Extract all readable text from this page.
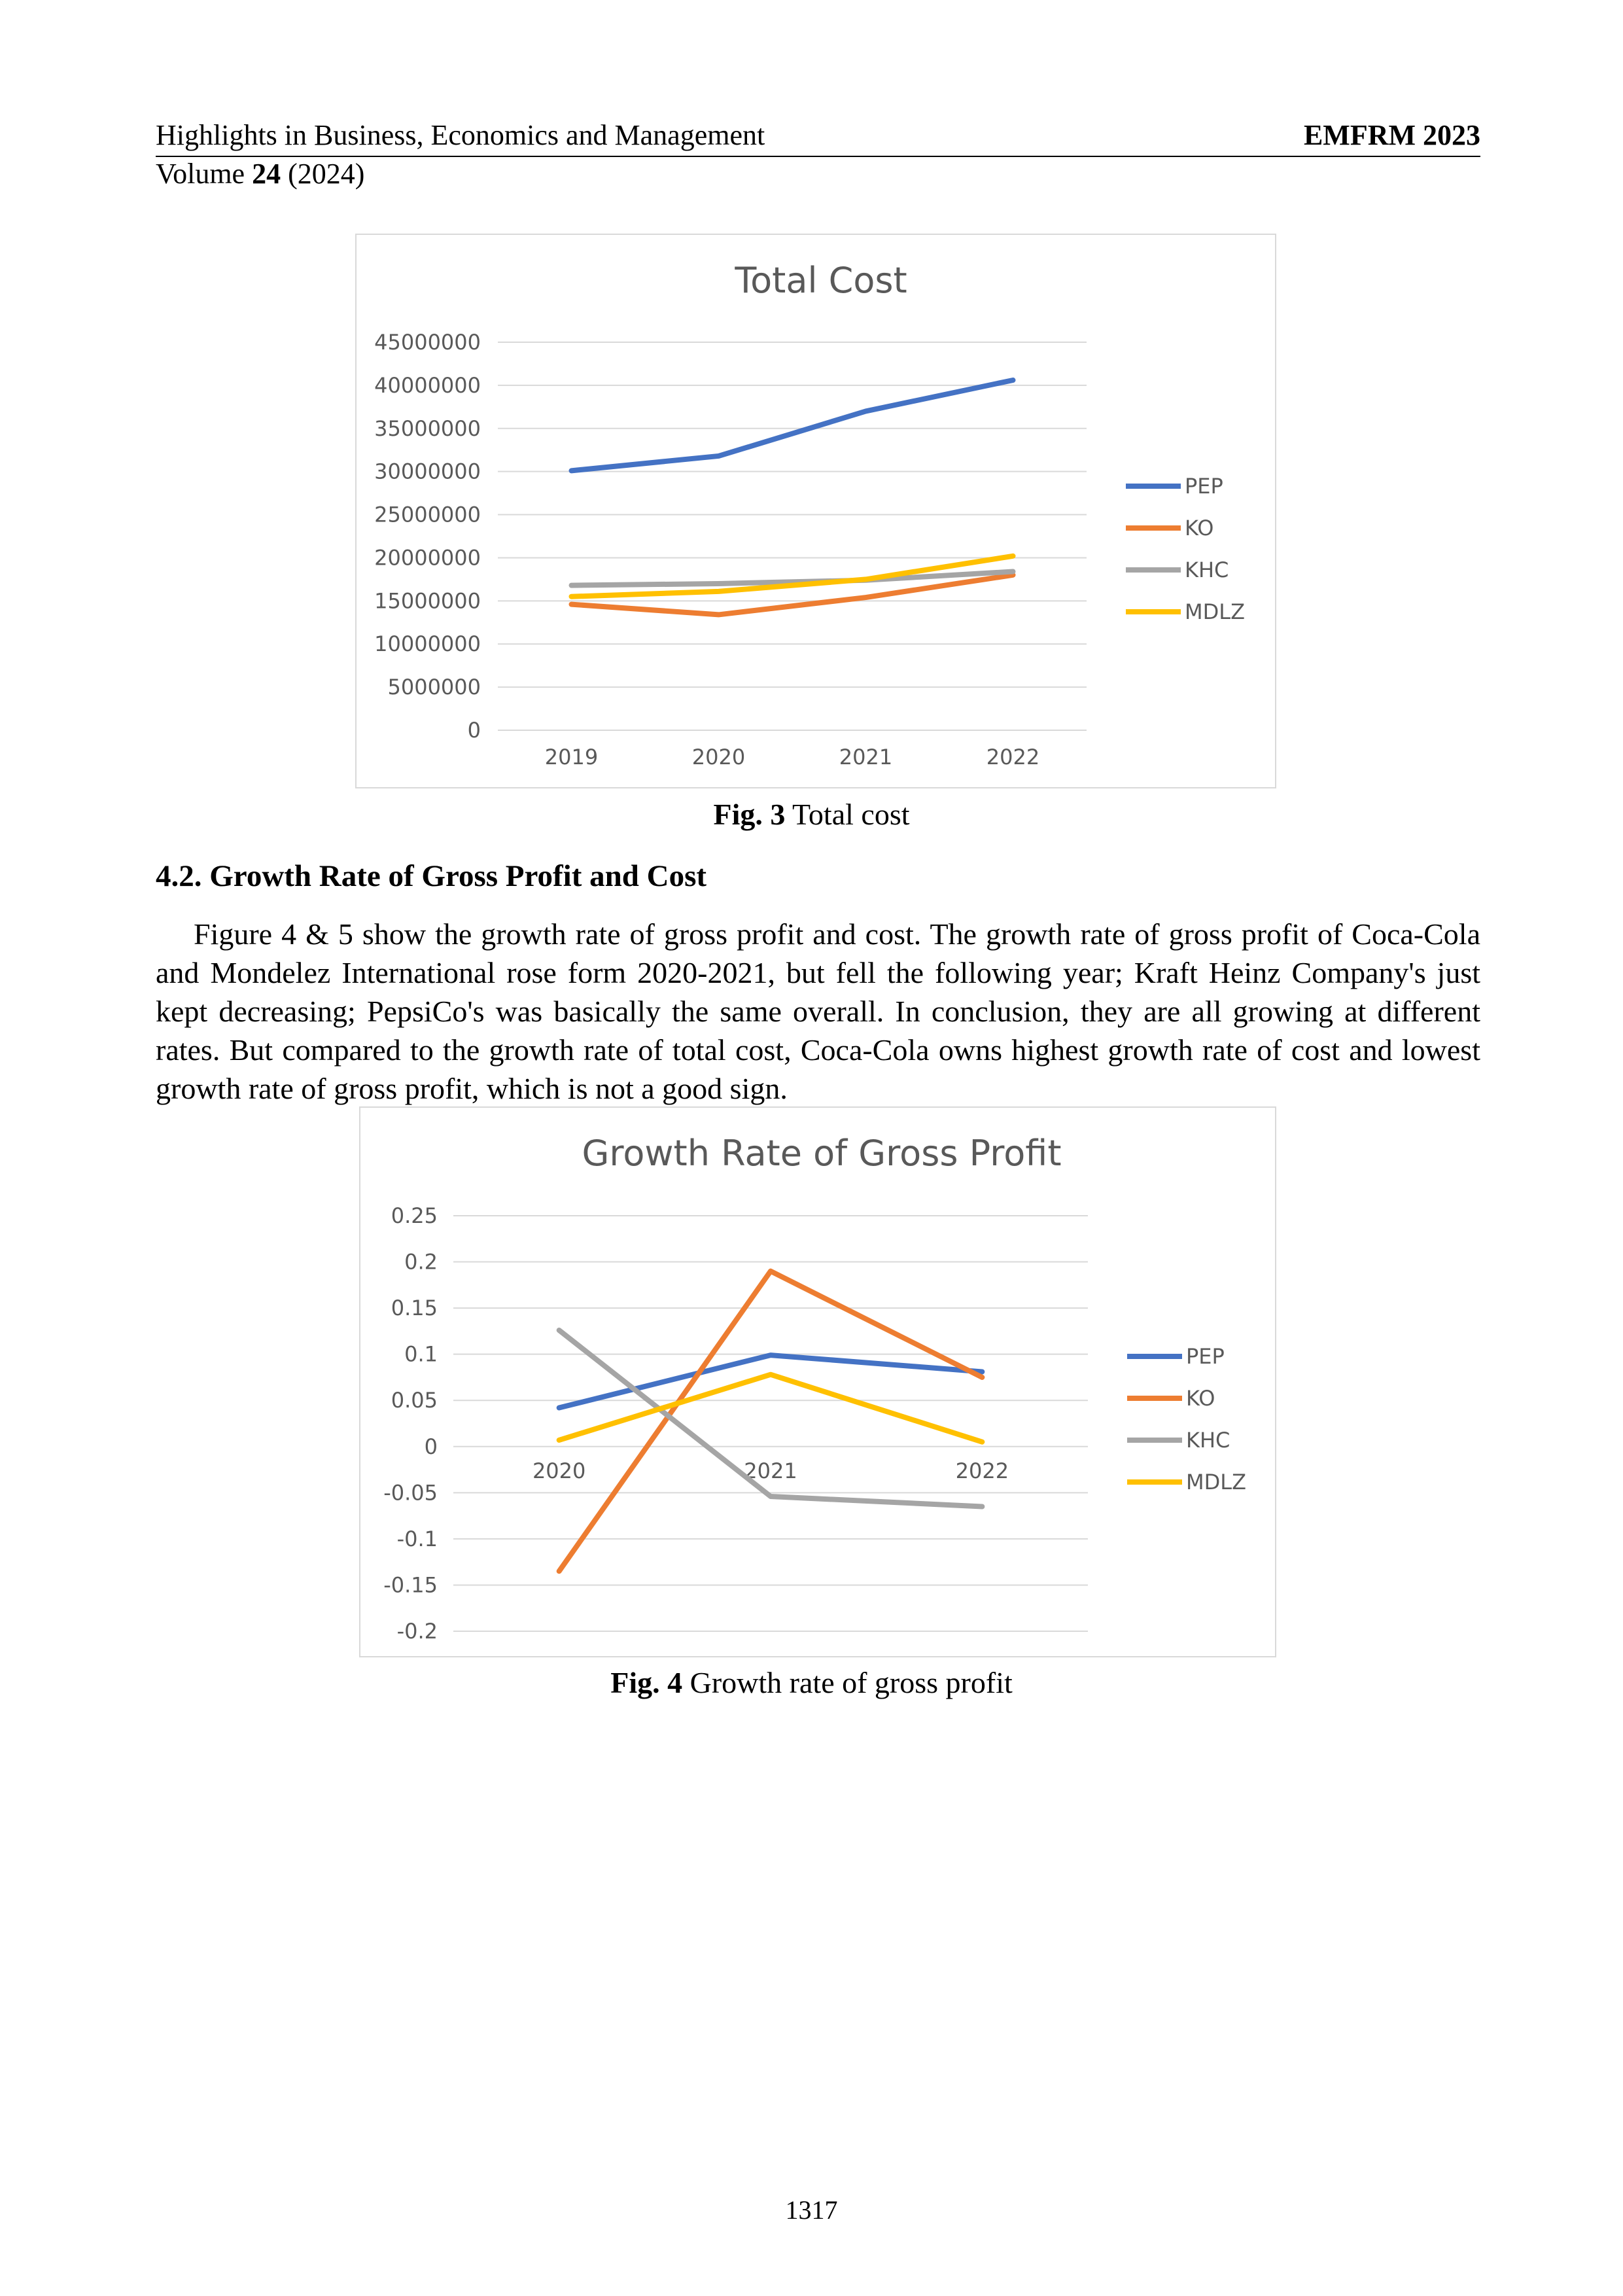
Highlights in Business, Economics and Management	EMFRM 2023
Volume 24 (2024)
Total Cost
0
5000000
10000000
15000000
20000000
25000000
30000000
35000000
40000000
45000000
2019	2020	2021	2022
PEP
KO
KHC
MDLZ
Fig. 3 Total cost
4.2. Growth Rate of Gross Profit and Cost
Figure 4 & 5 show the growth rate of gross profit and cost. The growth rate of gross profit of Coca-Cola and Mondelez International rose form 2020-2021, but fell the following year; Kraft Heinz Company's just kept decreasing; PepsiCo's was basically the same overall. In conclusion, they are all growing at different rates. But compared to the growth rate of total cost, Coca-Cola owns highest growth rate of cost and lowest growth rate of gross profit, which is not a good sign.
Growth Rate of Gross Profit
-0.2
-0.15
-0.1
-0.05
0
0.05
0.1
0.15
0.2
0.25
2020	2021	2022
PEP
KO
KHC
MDLZ
Fig. 4 Growth rate of gross profit
1317
